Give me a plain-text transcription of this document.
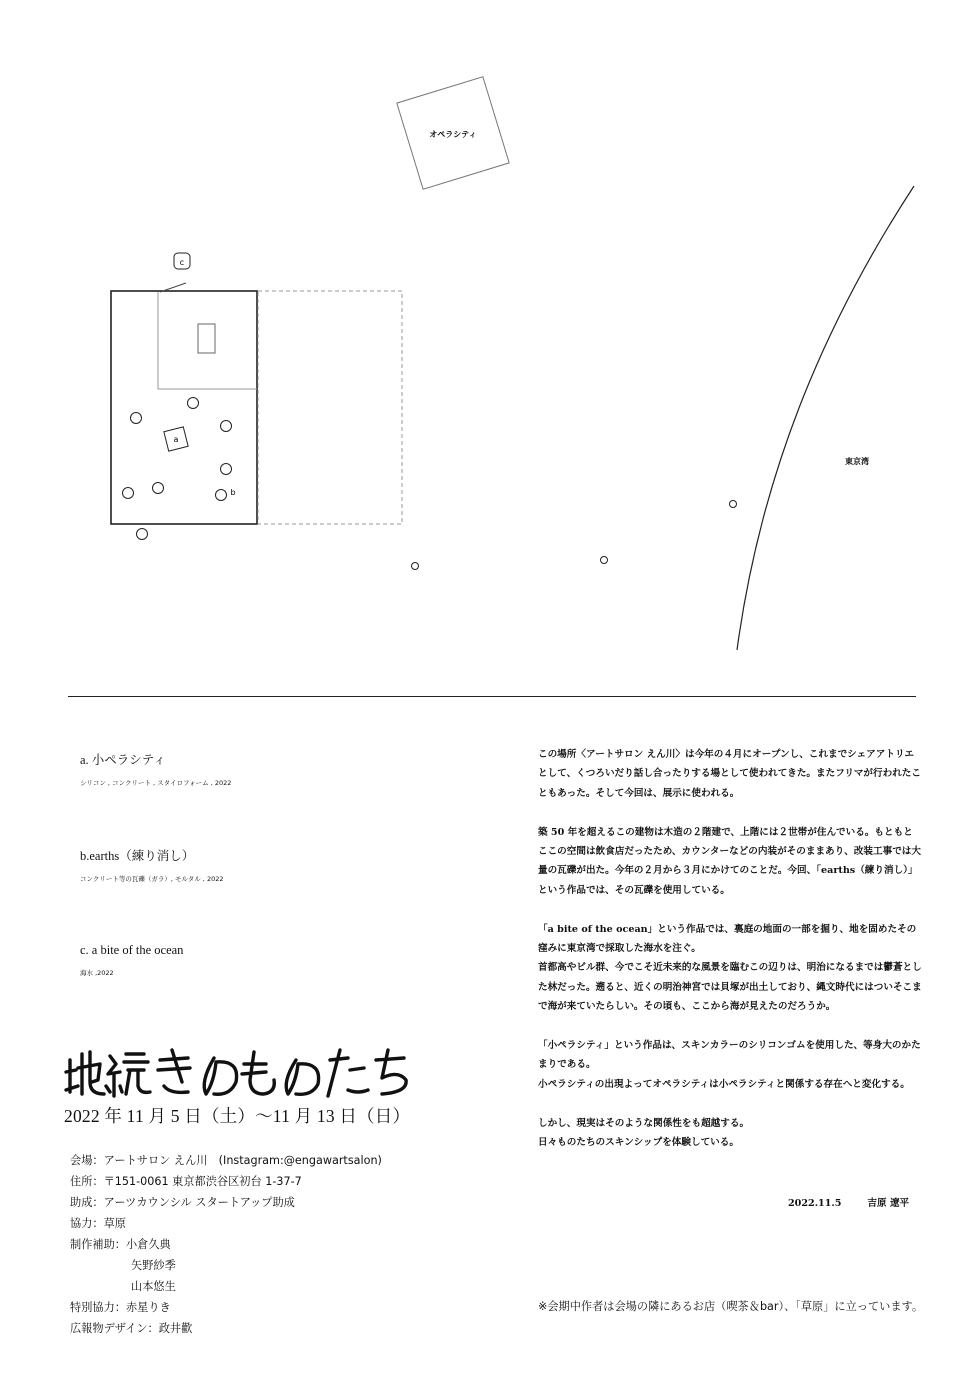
オペラシティ
東京湾
a
c
b
a. 小ペラシティ
シリコン , コンクリート , スタイロフォーム , 2022
b.earths（練り消し）
コンクリート等の瓦礫（ガラ）, モルタル , 2022
c. a bite of the ocean
海水 ,2022
2022 年 11 月 5 日（土）〜11 月 13 日（日）
会場：アートサロン えん川　(Instagram:@engawartsalon)
住所：〒151-0061 東京都渋谷区初台 1-37-7
助成：アーツカウンシル スタートアップ助成
協力：草原
制作補助：小倉久典
矢野紗季
山本悠生
特別協力：赤星りき
広報物デザイン：政井歡

この場所〈アートサロン えん川〉は今年の４月にオープンし、これまでシェアアトリエとして、くつろいだり話し合ったりする場として使われてきた。またフリマが行われたこともあった。そして今回は、展示に使われる。

築 50 年を超えるこの建物は木造の２階建で、上階には２世帯が住んでいる。もともとここの空間は飲食店だったため、カウンターなどの内装がそのままあり、改装工事では大量の瓦礫が出た。今年の２月から３月にかけてのことだ。今回、「earths（練り消し）」という作品では、その瓦礫を使用している。

「a bite of the ocean」という作品では、裏庭の地面の一部を掘り、地を固めたその窪みに東京湾で採取した海水を注ぐ。

首都高やビル群、今でこそ近未来的な風景を臨むこの辺りは、明治になるまでは鬱蒼とした林だった。遡ると、近くの明治神宮では貝塚が出土しており、縄文時代にはついそこまで海が来ていたらしい。その頃も、ここから海が見えたのだろうか。

「小ペラシティ」という作品は、スキンカラーのシリコンゴムを使用した、等身大のかたまりである。

小ペラシティの出現よってオペラシティは小ペラシティと関係する存在へと変化する。

しかし、現実はそのような関係性をも超越する。

日々ものたちのスキンシップを体験している。

2022.11.5	吉原 遼平
※会期中作者は会場の隣にあるお店（喫茶＆bar）、「草原」に立っています。
